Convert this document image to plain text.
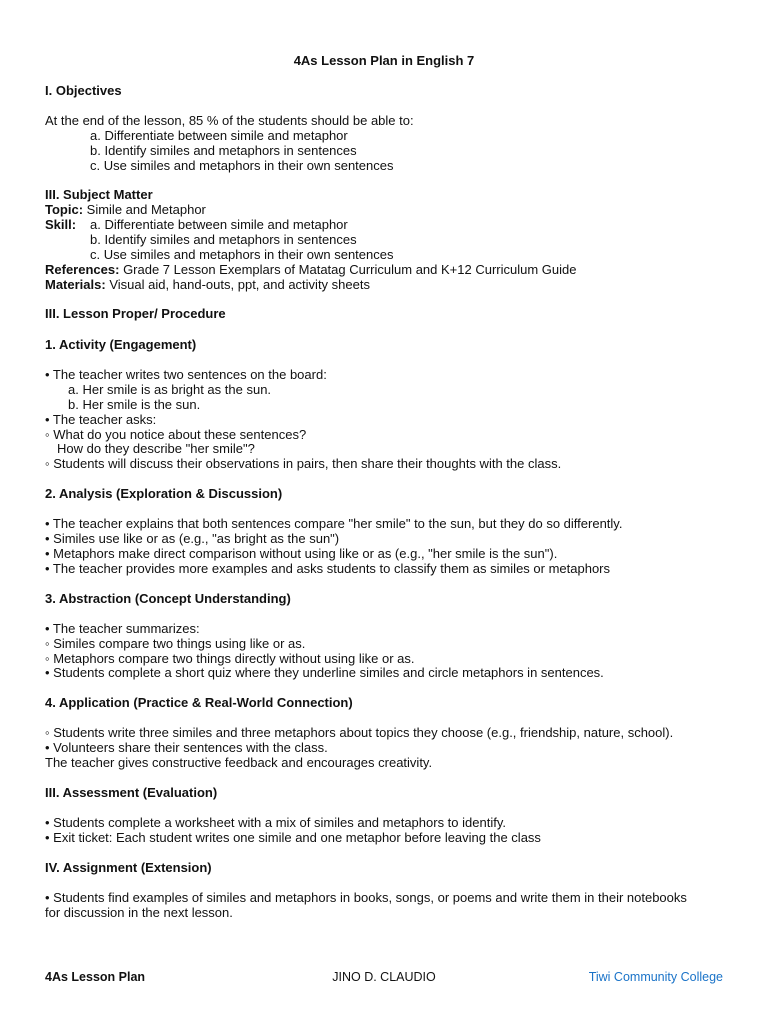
4As Lesson Plan in English 7

I. Objectives

At the end of the lesson, 85 % of the students should be able to:

a. Differentiate between simile and metaphor

b. Identify similes and metaphors in sentences

c. Use similes and metaphors in their own sentences

III. Subject Matter

Topic: Simile and Metaphor

Skill: a. Differentiate between simile and metaphor

b. Identify similes and metaphors in sentences

c. Use similes and metaphors in their own sentences

References: Grade 7 Lesson Exemplars of Matatag Curriculum and K+12 Curriculum Guide

Materials: Visual aid, hand-outs, ppt, and activity sheets

III. Lesson Proper/ Procedure

1. Activity (Engagement)

• The teacher writes two sentences on the board:

a. Her smile is as bright as the sun.

b. Her smile is the sun.

• The teacher asks:

◦ What do you notice about these sentences?

How do they describe "her smile"?

◦ Students will discuss their observations in pairs, then share their thoughts with the class.

2. Analysis (Exploration & Discussion)

• The teacher explains that both sentences compare "her smile" to the sun, but they do so differently.

• Similes use like or as (e.g., "as bright as the sun")

• Metaphors make direct comparison without using like or as (e.g., "her smile is the sun").

• The teacher provides more examples and asks students to classify them as similes or metaphors

3. Abstraction (Concept Understanding)

• The teacher summarizes:

◦ Similes compare two things using like or as.

◦ Metaphors compare two things directly without using like or as.

• Students complete a short quiz where they underline similes and circle metaphors in sentences.

4. Application (Practice & Real-World Connection)

◦ Students write three similes and three metaphors about topics they choose (e.g., friendship, nature, school).

• Volunteers share their sentences with the class.

The teacher gives constructive feedback and encourages creativity.

III. Assessment (Evaluation)

• Students complete a worksheet with a mix of similes and metaphors to identify.

• Exit ticket: Each student writes one simile and one metaphor before leaving the class

IV. Assignment (Extension)

• Students find examples of similes and metaphors in books, songs, or poems and write them in their notebooks

for discussion in the next lesson.

4As Lesson Plan	JINO D. CLAUDIO	Tiwi Community College
